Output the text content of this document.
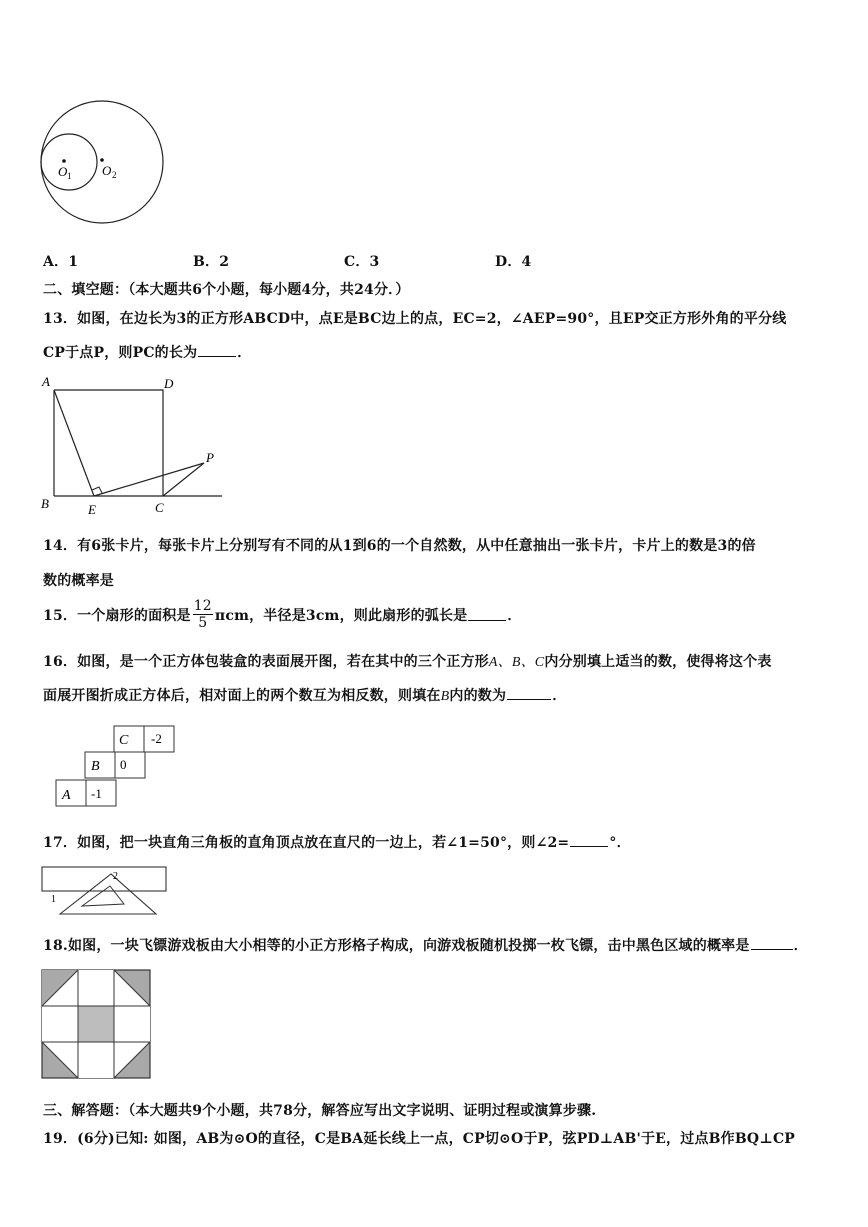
O 1 O 2
A．1	B．2	C．3	D．4
二、填空题：（本大题共6个小题，每小题4分，共24分．）
13．如图，在边长为3的正方形ABCD中，点E是BC边上的点，EC=2，∠AEP=90°，且EP交正方形外角的平分线
CP于点P，则PC的长为	．
A	D
B	E	C
P
14．有6张卡片，每张卡片上分别写有不同的从1到6的一个自然数，从中任意抽出一张卡片，卡片上的数是3的倍
数的概率是
15．一个扇形的面积是 $\frac{12}{5}$ πcm，半径是3cm，则此扇形的弧长是	．
16．如图，是一个正方体包装盒的表面展开图，若在其中的三个正方形A、B、C内分别填上适当的数，使得将这个表
面展开图折成正方体后，相对面上的两个数互为相反数，则填在B内的数为	．
C -2
B 0
A -1
17．如图，把一块直角三角板的直角顶点放在直尺的一边上，若∠1=50°，则∠2=	°．
1
2
18.如图，一块飞镖游戏板由大小相等的小正方形格子构成，向游戏板随机投掷一枚飞镖，击中黑色区域的概率是	．
三、解答题：（本大题共9个小题，共78分，解答应写出文字说明、证明过程或演算步骤.
19．(6分)已知: 如图，AB为⊙O的直径，C是BA延长线上一点，CP切⊙O于P，弦PD⊥AB'于E，过点B作BQ⊥CP
